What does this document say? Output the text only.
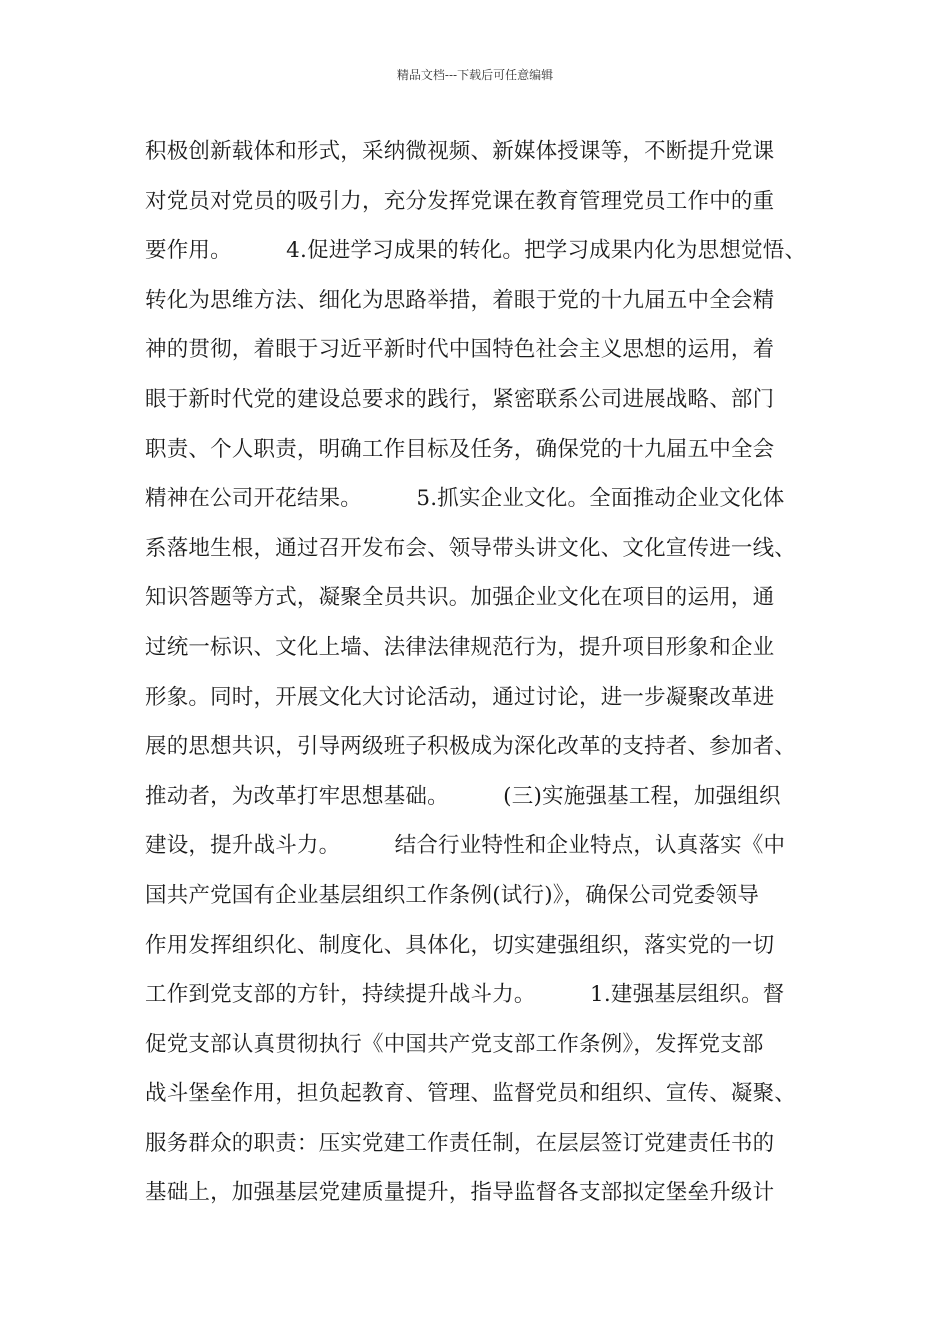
精品文档---下载后可任意编辑
积极创新载体和形式，采纳微视频、新媒体授课等，不断提升党课
对党员对党员的吸引力，充分发挥党课在教育管理党员工作中的重
要作用。　　　4.促进学习成果的转化。把学习成果内化为思想觉悟、
转化为思维方法、细化为思路举措，着眼于党的十九届五中全会精
神的贯彻，着眼于习近平新时代中国特色社会主义思想的运用，着
眼于新时代党的建设总要求的践行，紧密联系公司进展战略、部门
职责、个人职责，明确工作目标及任务，确保党的十九届五中全会
精神在公司开花结果。　　　5.抓实企业文化。全面推动企业文化体
系落地生根，通过召开发布会、领导带头讲文化、文化宣传进一线、
知识答题等方式，凝聚全员共识。加强企业文化在项目的运用，通
过统一标识、文化上墙、法律法律规范行为，提升项目形象和企业
形象。同时，开展文化大讨论活动，通过讨论，进一步凝聚改革进
展的思想共识，引导两级班子积极成为深化改革的支持者、参加者、
推动者，为改革打牢思想基础。　　　(三)实施强基工程，加强组织
建设，提升战斗力。　　　结合行业特性和企业特点，认真落实《中
国共产党国有企业基层组织工作条例(试行)》，确保公司党委领导
作用发挥组织化、制度化、具体化，切实建强组织，落实党的一切
工作到党支部的方针，持续提升战斗力。　　　1.建强基层组织。督
促党支部认真贯彻执行《中国共产党支部工作条例》，发挥党支部
战斗堡垒作用，担负起教育、管理、监督党员和组织、宣传、凝聚、
服务群众的职责：压实党建工作责任制，在层层签订党建责任书的
基础上，加强基层党建质量提升，指导监督各支部拟定堡垒升级计
